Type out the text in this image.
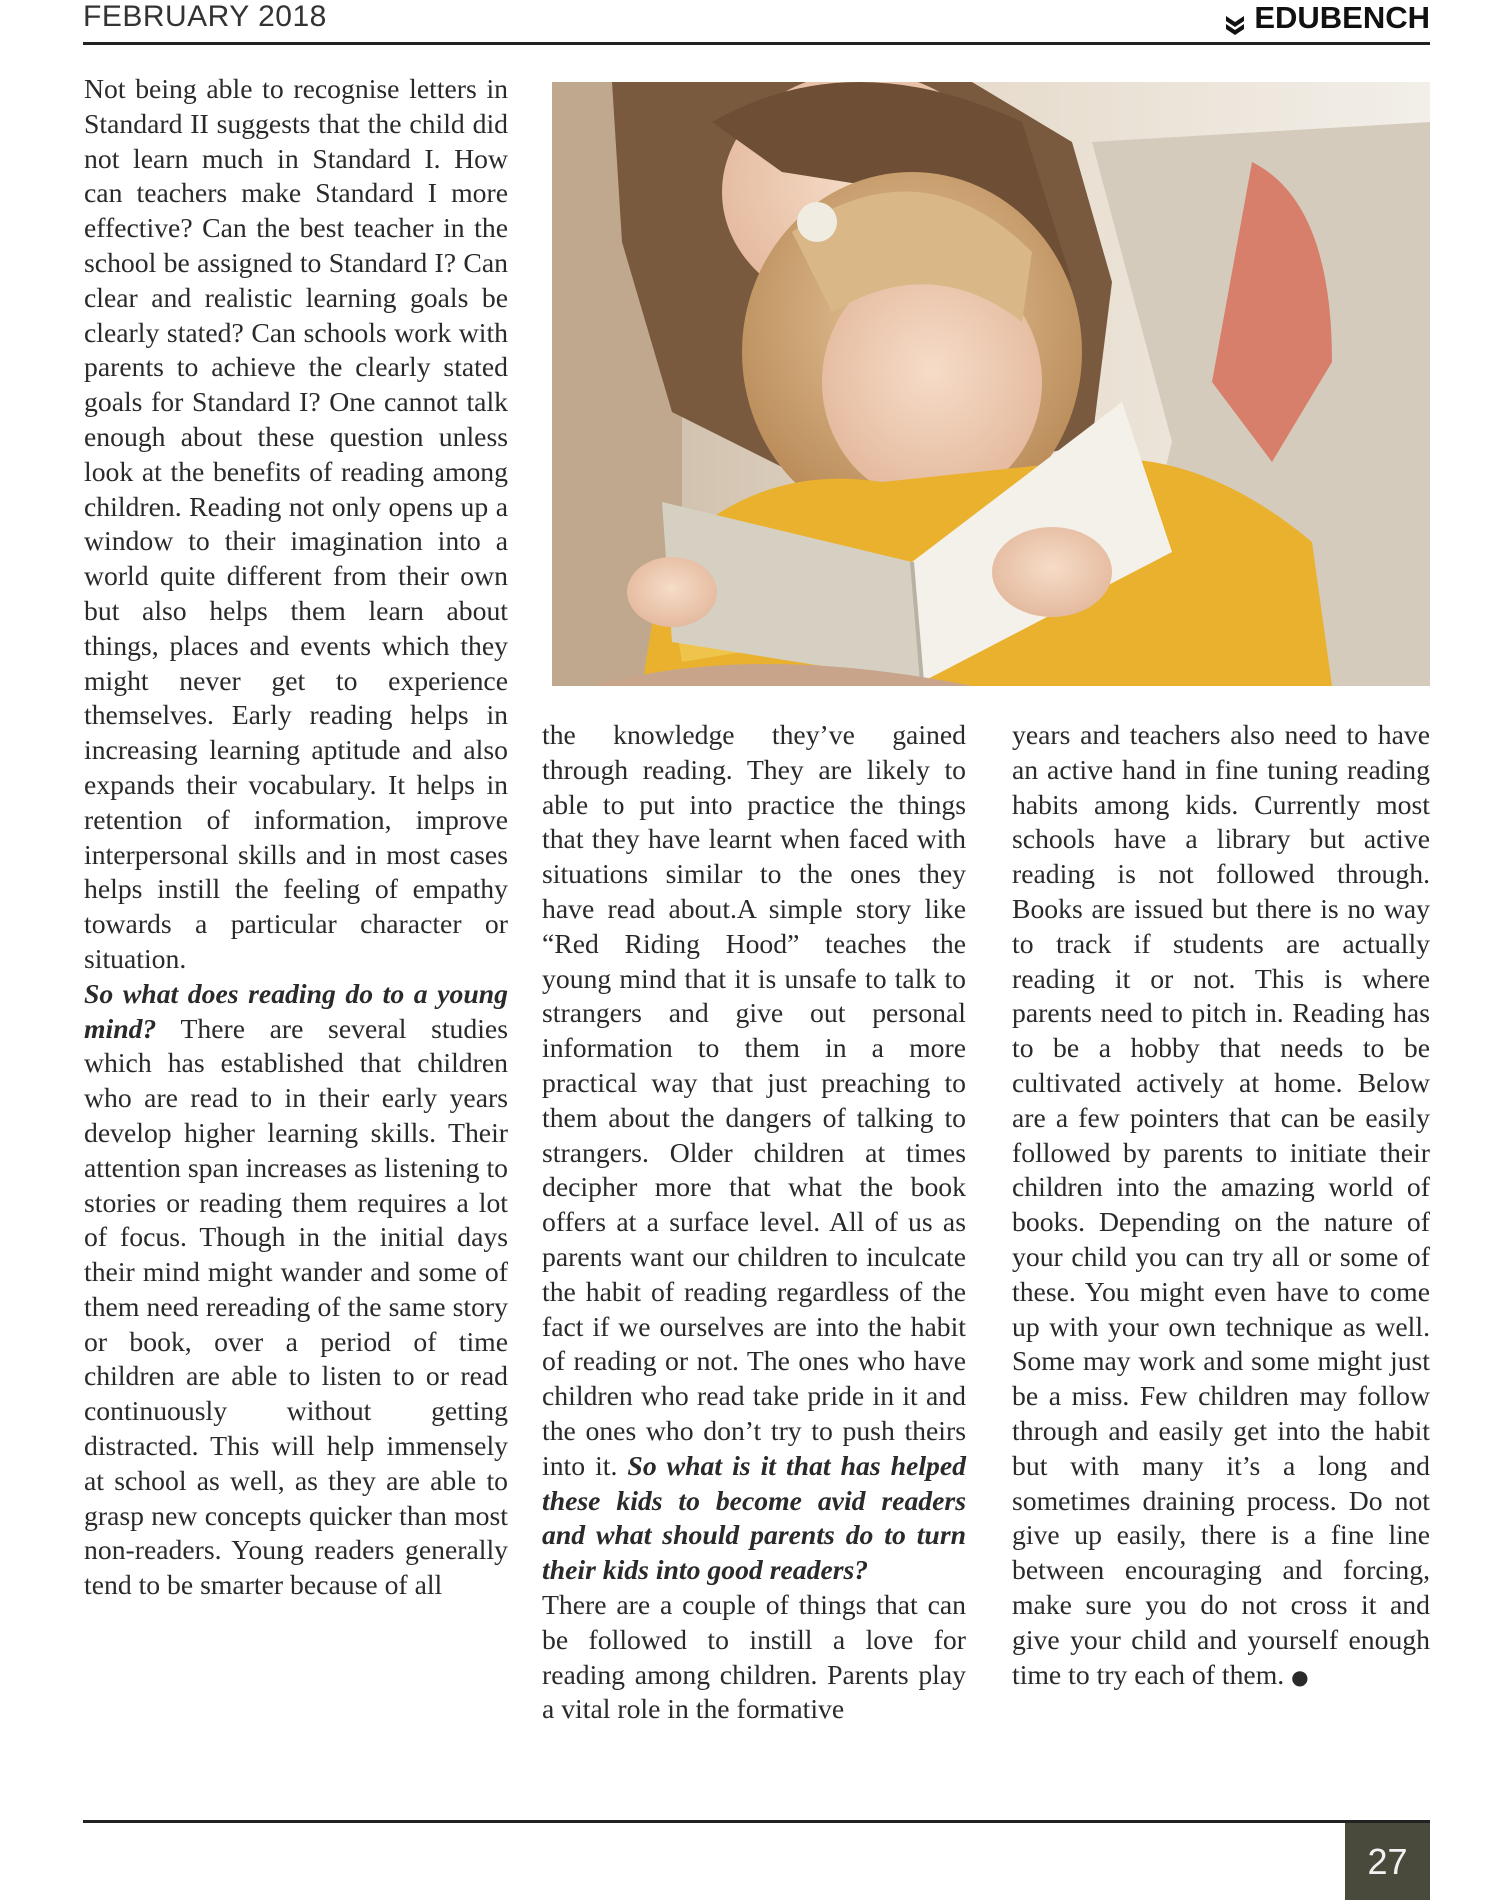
FEBRUARY 2018	EDUBENCH

Not being able to recognise letters in Standard II suggests that the child did not learn much in Standard I. How can teachers make Standard I more effective? Can the best teacher in the school be assigned to Standard I? Can clear and realistic learning goals be clearly stated? Can schools work with parents to achieve the clearly stated goals for Standard I? One cannot talk enough about these question unless look at the benefits of reading among children. Reading not only opens up a window to their imagination into a world quite different from their own but also helps them learn about things, places and events which they might never get to experience themselves. Early reading helps in increasing learning aptitude and also expands their vocabulary. It helps in retention of information, improve interpersonal skills and in most cases helps instill the feeling of empathy towards a particular character or situation.

So what does reading do to a young mind? There are several studies which has established that children who are read to in their early years develop higher learning skills. Their attention span increases as listening to stories or reading them requires a lot of focus. Though in the initial days their mind might wander and some of them need rereading of the same story or book, over a period of time children are able to listen to or read continuously without getting distracted. This will help immensely at school as well, as they are able to grasp new concepts quicker than most non-readers. Young readers generally tend to be smarter because of all

the knowledge they’ve gained through reading. They are likely to able to put into practice the things that they have learnt when faced with situations similar to the ones they have read about.A simple story like “Red Riding Hood” teaches the young mind that it is unsafe to talk to strangers and give out personal information to them in a more practical way that just preaching to them about the dangers of talking to strangers. Older children at times decipher more that what the book offers at a surface level. All of us as parents want our children to inculcate the habit of reading regardless of the fact if we ourselves are into the habit of reading or not. The ones who have children who read take pride in it and the ones who don’t try to push theirs into it. So what is it that has helped these kids to become avid readers and what should parents do to turn their kids into good readers?

There are a couple of things that can be followed to instill a love for reading among children. Parents play a vital role in the formative

years and teachers also need to have an active hand in fine tuning reading habits among kids. Currently most schools have a library but active reading is not followed through. Books are issued but there is no way to track if students are actually reading it or not. This is where parents need to pitch in. Reading has to be a hobby that needs to be cultivated actively at home. Below are a few pointers that can be easily followed by parents to initiate their children into the amazing world of books. Depending on the nature of your child you can try all or some of these. You might even have to come up with your own technique as well. Some may work and some might just be a miss. Few children may follow through and easily get into the habit but with many it’s a long and sometimes draining process. Do not give up easily, there is a fine line between encouraging and forcing, make sure you do not cross it and give your child and yourself enough time to try each of them. ●

27
